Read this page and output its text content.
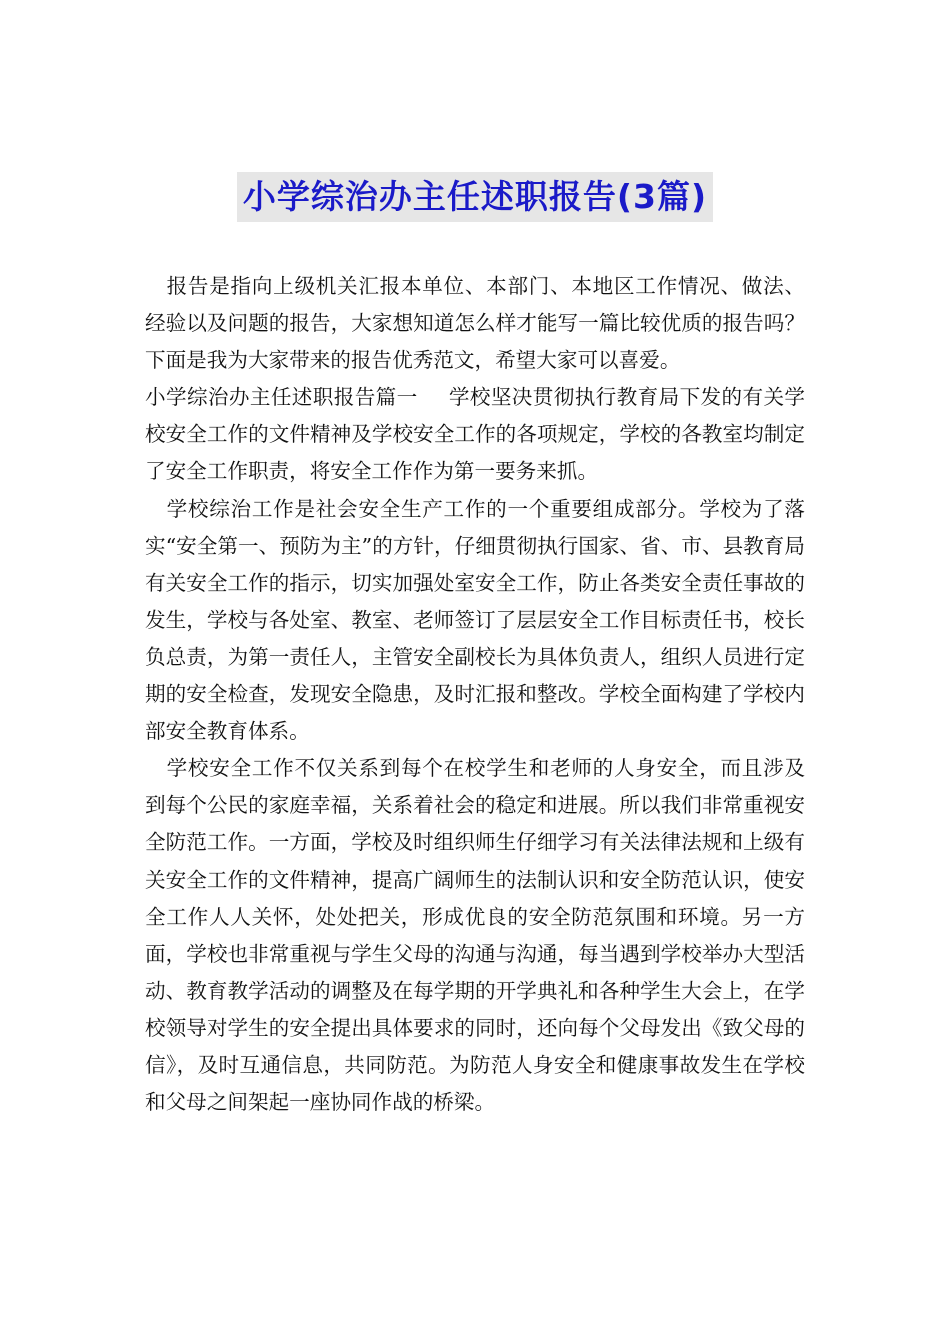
小学综治办主任述职报告(3篇)

报告是指向上级机关汇报本单位、本部门、本地区工作情况、做法、经验以及问题的报告，大家想知道怎么样才能写一篇比较优质的报告吗？下面是我为大家带来的报告优秀范文，希望大家可以喜爱。

小学综治办主任述职报告篇一 学校坚决贯彻执行教育局下发的有关学校安全工作的文件精神及学校安全工作的各项规定，学校的各教室均制定了安全工作职责，将安全工作作为第一要务来抓。

学校综治工作是社会安全生产工作的一个重要组成部分。学校为了落实“安全第一、预防为主”的方针，仔细贯彻执行国家、省、市、县教育局有关安全工作的指示，切实加强处室安全工作，防止各类安全责任事故的发生，学校与各处室、教室、老师签订了层层安全工作目标责任书，校长负总责，为第一责任人，主管安全副校长为具体负责人，组织人员进行定期的安全检查，发现安全隐患，及时汇报和整改。学校全面构建了学校内部安全教育体系。

学校安全工作不仅关系到每个在校学生和老师的人身安全，而且涉及到每个公民的家庭幸福，关系着社会的稳定和进展。所以我们非常重视安全防范工作。一方面，学校及时组织师生仔细学习有关法律法规和上级有关安全工作的文件精神，提高广阔师生的法制认识和安全防范认识，使安全工作人人关怀，处处把关，形成优良的安全防范氛围和环境。另一方面，学校也非常重视与学生父母的沟通与沟通，每当遇到学校举办大型活动、教育教学活动的调整及在每学期的开学典礼和各种学生大会上，在学校领导对学生的安全提出具体要求的同时，还向每个父母发出《致父母的信》，及时互通信息，共同防范。为防范人身安全和健康事故发生在学校和父母之间架起一座协同作战的桥梁。
